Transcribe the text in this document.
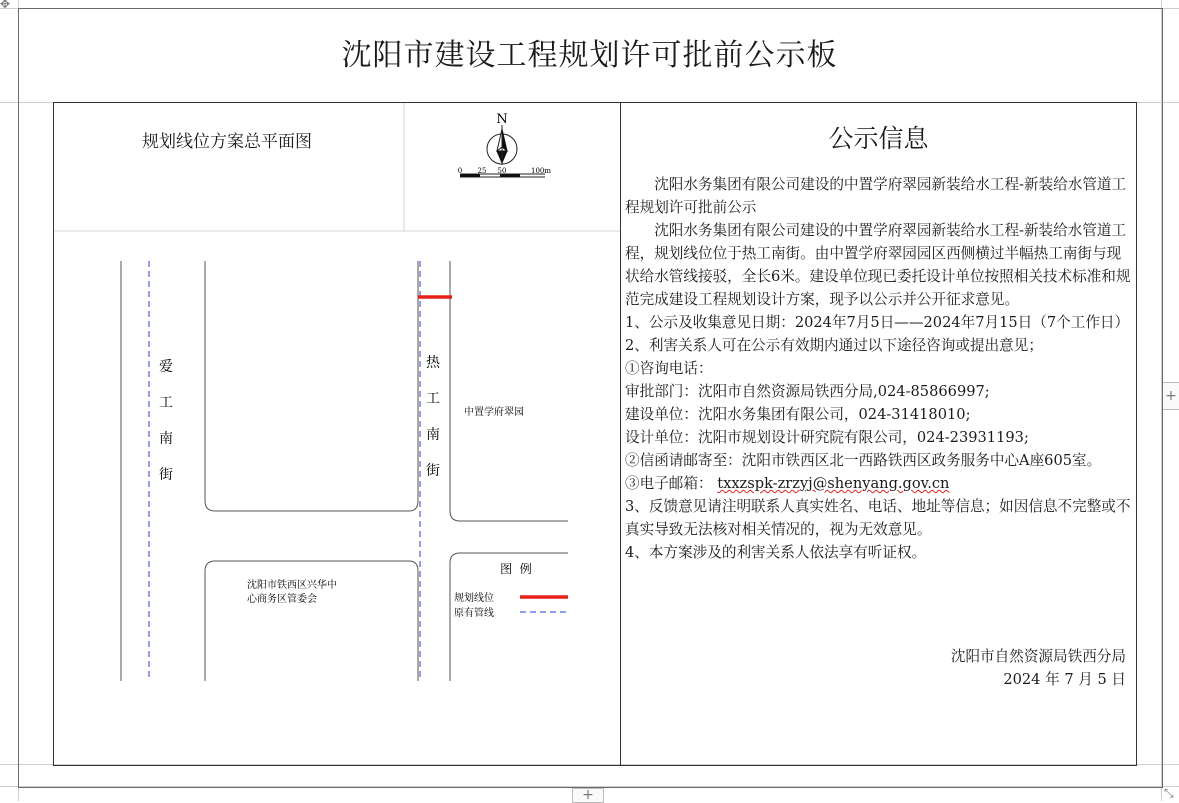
✥
+
+	⤡
沈阳市建设工程规划许可批前公示板
规划线位方案总平面图
N
0 25 50	100m
爱
工
南
街
热
工
南
街
中置学府翠园
沈阳市铁西区兴华中
心商务区管委会
图  例
规划线位
原有管线
公示信息

沈阳水务集团有限公司建设的中置学府翠园新装给水工程-新装给水管道工程规划许可批前公示

沈阳水务集团有限公司建设的中置学府翠园新装给水工程-新装给水管道工程，规划线位位于热工南街。由中置学府翠园园区西侧横过半幅热工南街与现状给水管线接驳，全长6米。建设单位现已委托设计单位按照相关技术标准和规范完成建设工程规划设计方案，现予以公示并公开征求意见。

1、公示及收集意见日期：2024年7月5日——2024年7月15日（7个工作日）

2、利害关系人可在公示有效期内通过以下途径咨询或提出意见；

①咨询电话：

审批部门：沈阳市自然资源局铁西分局,024-85866997;

建设单位：沈阳水务集团有限公司，024-31418010;

设计单位：沈阳市规划设计研究院有限公司，024-23931193;

②信函请邮寄至：沈阳市铁西区北一西路铁西区政务服务中心A座605室。

③电子邮箱： txxzspk-zrzyj@shenyang.gov.cn

3、反馈意见请注明联系人真实姓名、电话、地址等信息；如因信息不完整或不真实导致无法核对相关情况的，视为无效意见。

4、本方案涉及的利害关系人依法享有听证权。

沈阳市自然资源局铁西分局
2024 年 7 月 5 日
